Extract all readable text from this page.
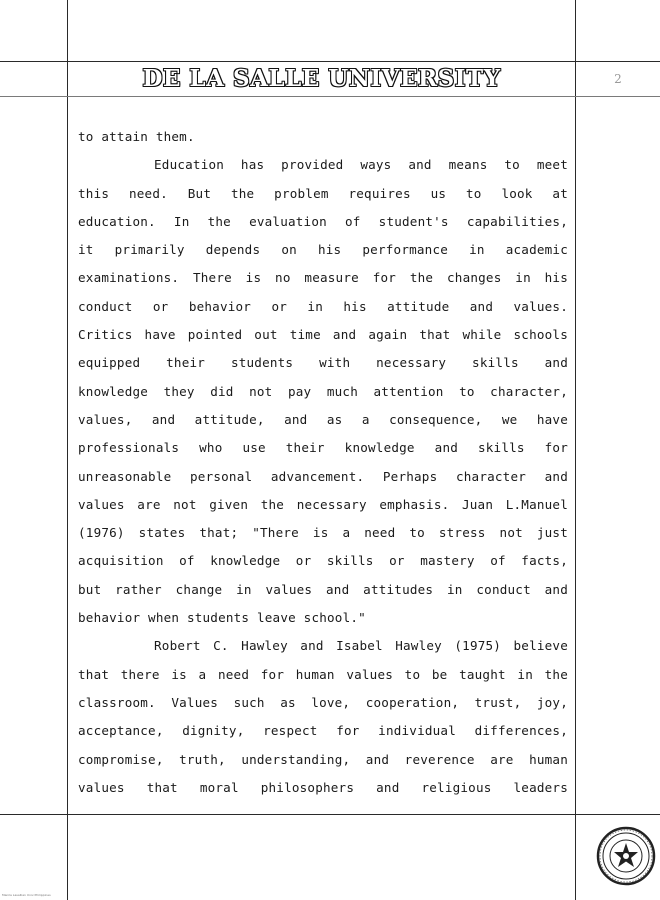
DE LA SALLE UNIVERSITY	2
to attain them.
Education has provided ways and means to meet
this need. But the problem requires us to look at
education. In the evaluation of student's capabilities,
it primarily depends on his performance in academic
examinations. There is no measure for the changes in his
conduct or behavior or in his attitude and values.
Critics have pointed out time and again that while schools
equipped their students with necessary skills and
knowledge they did not pay much attention to character,
values, and attitude, and as a consequence, we have
professionals who use their knowledge and skills for
unreasonable personal advancement. Perhaps character and
values are not given the necessary emphasis. Juan L.Manuel
(1976) states that; "There is a need to stress not just
acquisition of knowledge or skills or mastery of facts,
but rather change in values and attitudes in conduct and
behavior when students leave school."
Robert C. Hawley and Isabel Hawley (1975) believe
that there is a need for human values to be taught in the
classroom. Values such as love, cooperation, trust, joy,
acceptance, dignity, respect for individual differences,
compromise, truth, understanding, and reverence are human
values that moral philosophers and religious leaders
Manila Lasallian Univ Philippines
